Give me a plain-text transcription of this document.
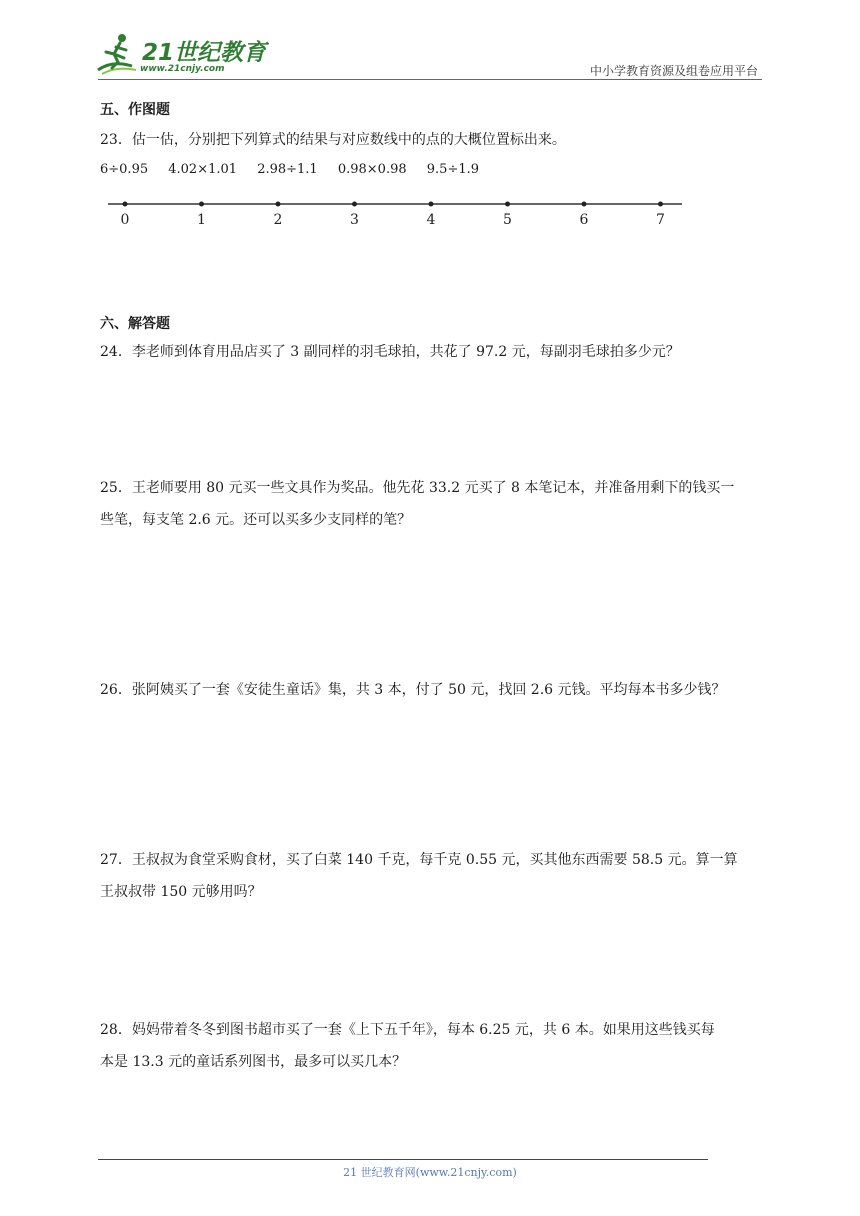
21世纪教育
www.21cnjy.com	中小学教育资源及组卷应用平台
五、作图题
23．估一估，分别把下列算式的结果与对应数线中的点的大概位置标出来。
6÷0.95 4.02×1.01 2.98÷1.1 0.98×0.98 9.5÷1.9
六、解答题
24．李老师到体育用品店买了 3 副同样的羽毛球拍，共花了 97.2 元，每副羽毛球拍多少元？
25．王老师要用 80 元买一些文具作为奖品。他先花 33.2 元买了 8 本笔记本，并准备用剩下的钱买一
些笔，每支笔 2.6 元。还可以买多少支同样的笔？
26．张阿姨买了一套《安徒生童话》集，共 3 本，付了 50 元，找回 2.6 元钱。平均每本书多少钱？
27．王叔叔为食堂采购食材，买了白菜 140 千克，每千克 0.55 元，买其他东西需要 58.5 元。算一算
王叔叔带 150 元够用吗？
28．妈妈带着冬冬到图书超市买了一套《上下五千年》，每本 6.25 元，共 6 本。如果用这些钱买每
本是 13.3 元的童话系列图书，最多可以买几本？
0	1	2	3	4	5	6	7
21 世纪教育网(www.21cnjy.com)
